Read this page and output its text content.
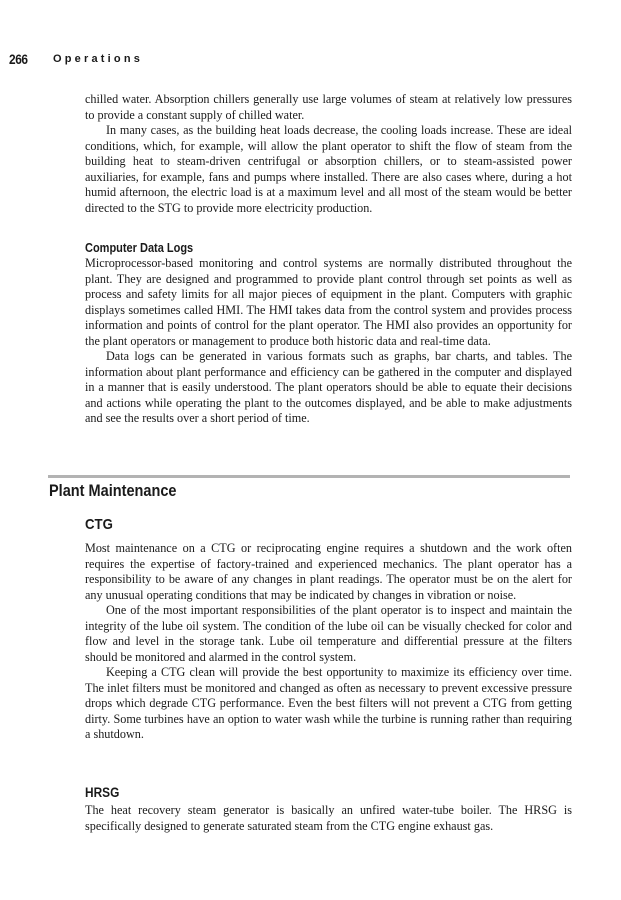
266 Operations

chilled water. Absorption chillers generally use large volumes of steam at relatively low pressures to provide a constant supply of chilled water.

In many cases, as the building heat loads decrease, the cooling loads increase. These are ideal conditions, which, for example, will allow the plant operator to shift the flow of steam from the building heat to steam-driven centrifugal or absorption chillers, or to steam-assisted power auxiliaries, for example, fans and pumps where installed. There are also cases where, during a hot humid afternoon, the electric load is at a maximum level and all most of the steam would be better directed to the STG to provide more electricity production.

Computer Data Logs

Microprocessor-based monitoring and control systems are normally distributed throughout the plant. They are designed and programmed to provide plant control through set points as well as process and safety limits for all major pieces of equipment in the plant. Computers with graphic displays sometimes called HMI. The HMI takes data from the control system and provides process information and points of control for the plant operator. The HMI also provides an opportunity for the plant operators or management to produce both historic data and real-time data.

Data logs can be generated in various formats such as graphs, bar charts, and tables. The information about plant performance and efficiency can be gathered in the computer and displayed in a manner that is easily understood. The plant operators should be able to equate their decisions and actions while operating the plant to the outcomes displayed, and be able to make adjustments and see the results over a short period of time.

Plant Maintenance
CTG

Most maintenance on a CTG or reciprocating engine requires a shutdown and the work often requires the expertise of factory-trained and experienced mechanics. The plant operator has a responsibility to be aware of any changes in plant readings. The operator must be on the alert for any unusual operating conditions that may be indicated by changes in vibration or noise.

One of the most important responsibilities of the plant operator is to inspect and maintain the integrity of the lube oil system. The condition of the lube oil can be visually checked for color and flow and level in the storage tank. Lube oil temperature and differential pressure at the filters should be monitored and alarmed in the control system.

Keeping a CTG clean will provide the best opportunity to maximize its efficiency over time. The inlet filters must be monitored and changed as often as necessary to prevent excessive pressure drops which degrade CTG performance. Even the best filters will not prevent a CTG from getting dirty. Some turbines have an option to water wash while the turbine is running rather than requiring a shutdown.

HRSG

The heat recovery steam generator is basically an unfired water-tube boiler. The HRSG is specifically designed to generate saturated steam from the CTG engine exhaust gas.
